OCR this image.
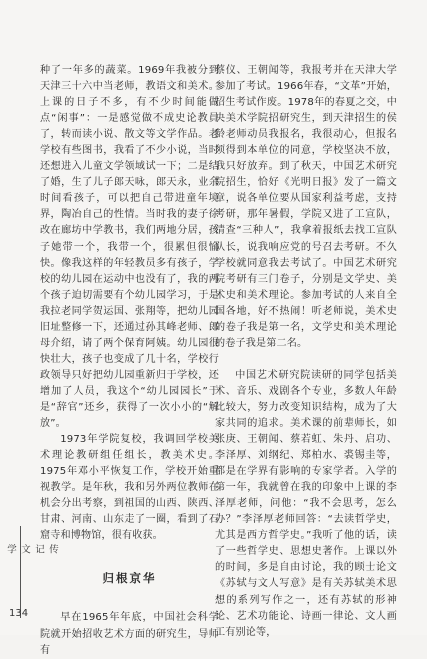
种了一年多的蔬菜。1969年我被分到天津三十六中当老师，教语文和美术。上课的日子不多，有不少时间能做点“闲事”：一是感觉做不成史论教員了，转而读小说、散文等文学作品。老学校有些图书，我看了不少小说，当时还想进入儿童文学领域试一下；二是结了婚，生了儿子郎天咏，郎天永，业余时间看孩子，可以把自己带进童年境界，陶冶自己的性情。当时我的妻子徐改在廊坊中学教书，我们两地分居，孩子她带一个，我带一个，很累但很愉快。像我这样的年轻教员多有孩子，学校的幼儿园在运动中也没有了，我的两个孩子迫切需要有个幼儿园学习，于是我拉老同学贺运国、张翔等，把幼儿园旧址整修一下，还通过孙其峰老师、郎母介绍，请了两个保育阿姨。幼儿园很快壮大，孩子也变成了几十名，学校行政领导只好把幼儿园重新归于学校，还增加了人员，我这个“幼儿园园长”于是“辞官”还乡，获得了一次小小的“解放”。

1973年学院复校，我调回学校美术理论教研组任组长，教美术史。1975年邓小平恢复工作，学校开始重视教学。是年秋，我和另外两位教师在机会分出考察，到祖国的山西、陕西、甘肃、河南、山东走了一圈，看到了石窟寺和博物馆，很有收获。

归根京华

早在1965年年底，中国社会科学院就开始招收艺术方面的研究生，导师有

蔡仪、王朝闻等，我报考并在天津大学参加了考试。1966年春，“文革”开始，招生考试作废。1978年的春夏之交，中央美术学院招研究生，到天津招生的侯龄老师动员我报名，我很动心，但报名须得到本单位的同意，学校坚决不放，我只好放弃。到了秋天，中国艺术研究院招生，恰好《光明日报》发了一篇文章，说各单位要从国家利益考虑，支持考研，那年暑假，学院又进了工宣队，清查“三种人”，我拿着报纸去找工宣队队长，说我响应党的号召去考研。不久学校就同意我去考试了。中国艺术研究院考研有三门卷子，分别是文学史、美术史和美术理论。参加考试的人来自全国各地，好不热闹！听老师说，美术史的卷子我是第一名，文学史和美术理论的卷子我是第二名。

中国艺术研究院读研的同学包括美术、音乐、戏剧各个专业，多数人年龄比较大，努力改变知识结构，成为了大家共同的追求。美术课的前辈师长，如张庚、王朝闻、蔡若虹、朱丹、启功、李泽厚、刘纲纪、郑柏水、裘锡圭等，都是在学界有影响的专家学者。入学的第一年，我就曾在我的印象中上课的李泽厚老师，问他：“我不会思考，怎么办？”李泽厚老师回答：“去读哲学史，尤其是西方哲学史。”我听了他的话，读了一些哲学史、思想史著作。上课以外的时间，多是自由讨论，我的顾士论文《苏轼与文人写意》是有关苏轼美术思想的系列写作之一，还有苏轼的形神论、艺术功能论、诗画一律论、文人画工有别论等，

传记文学
134
